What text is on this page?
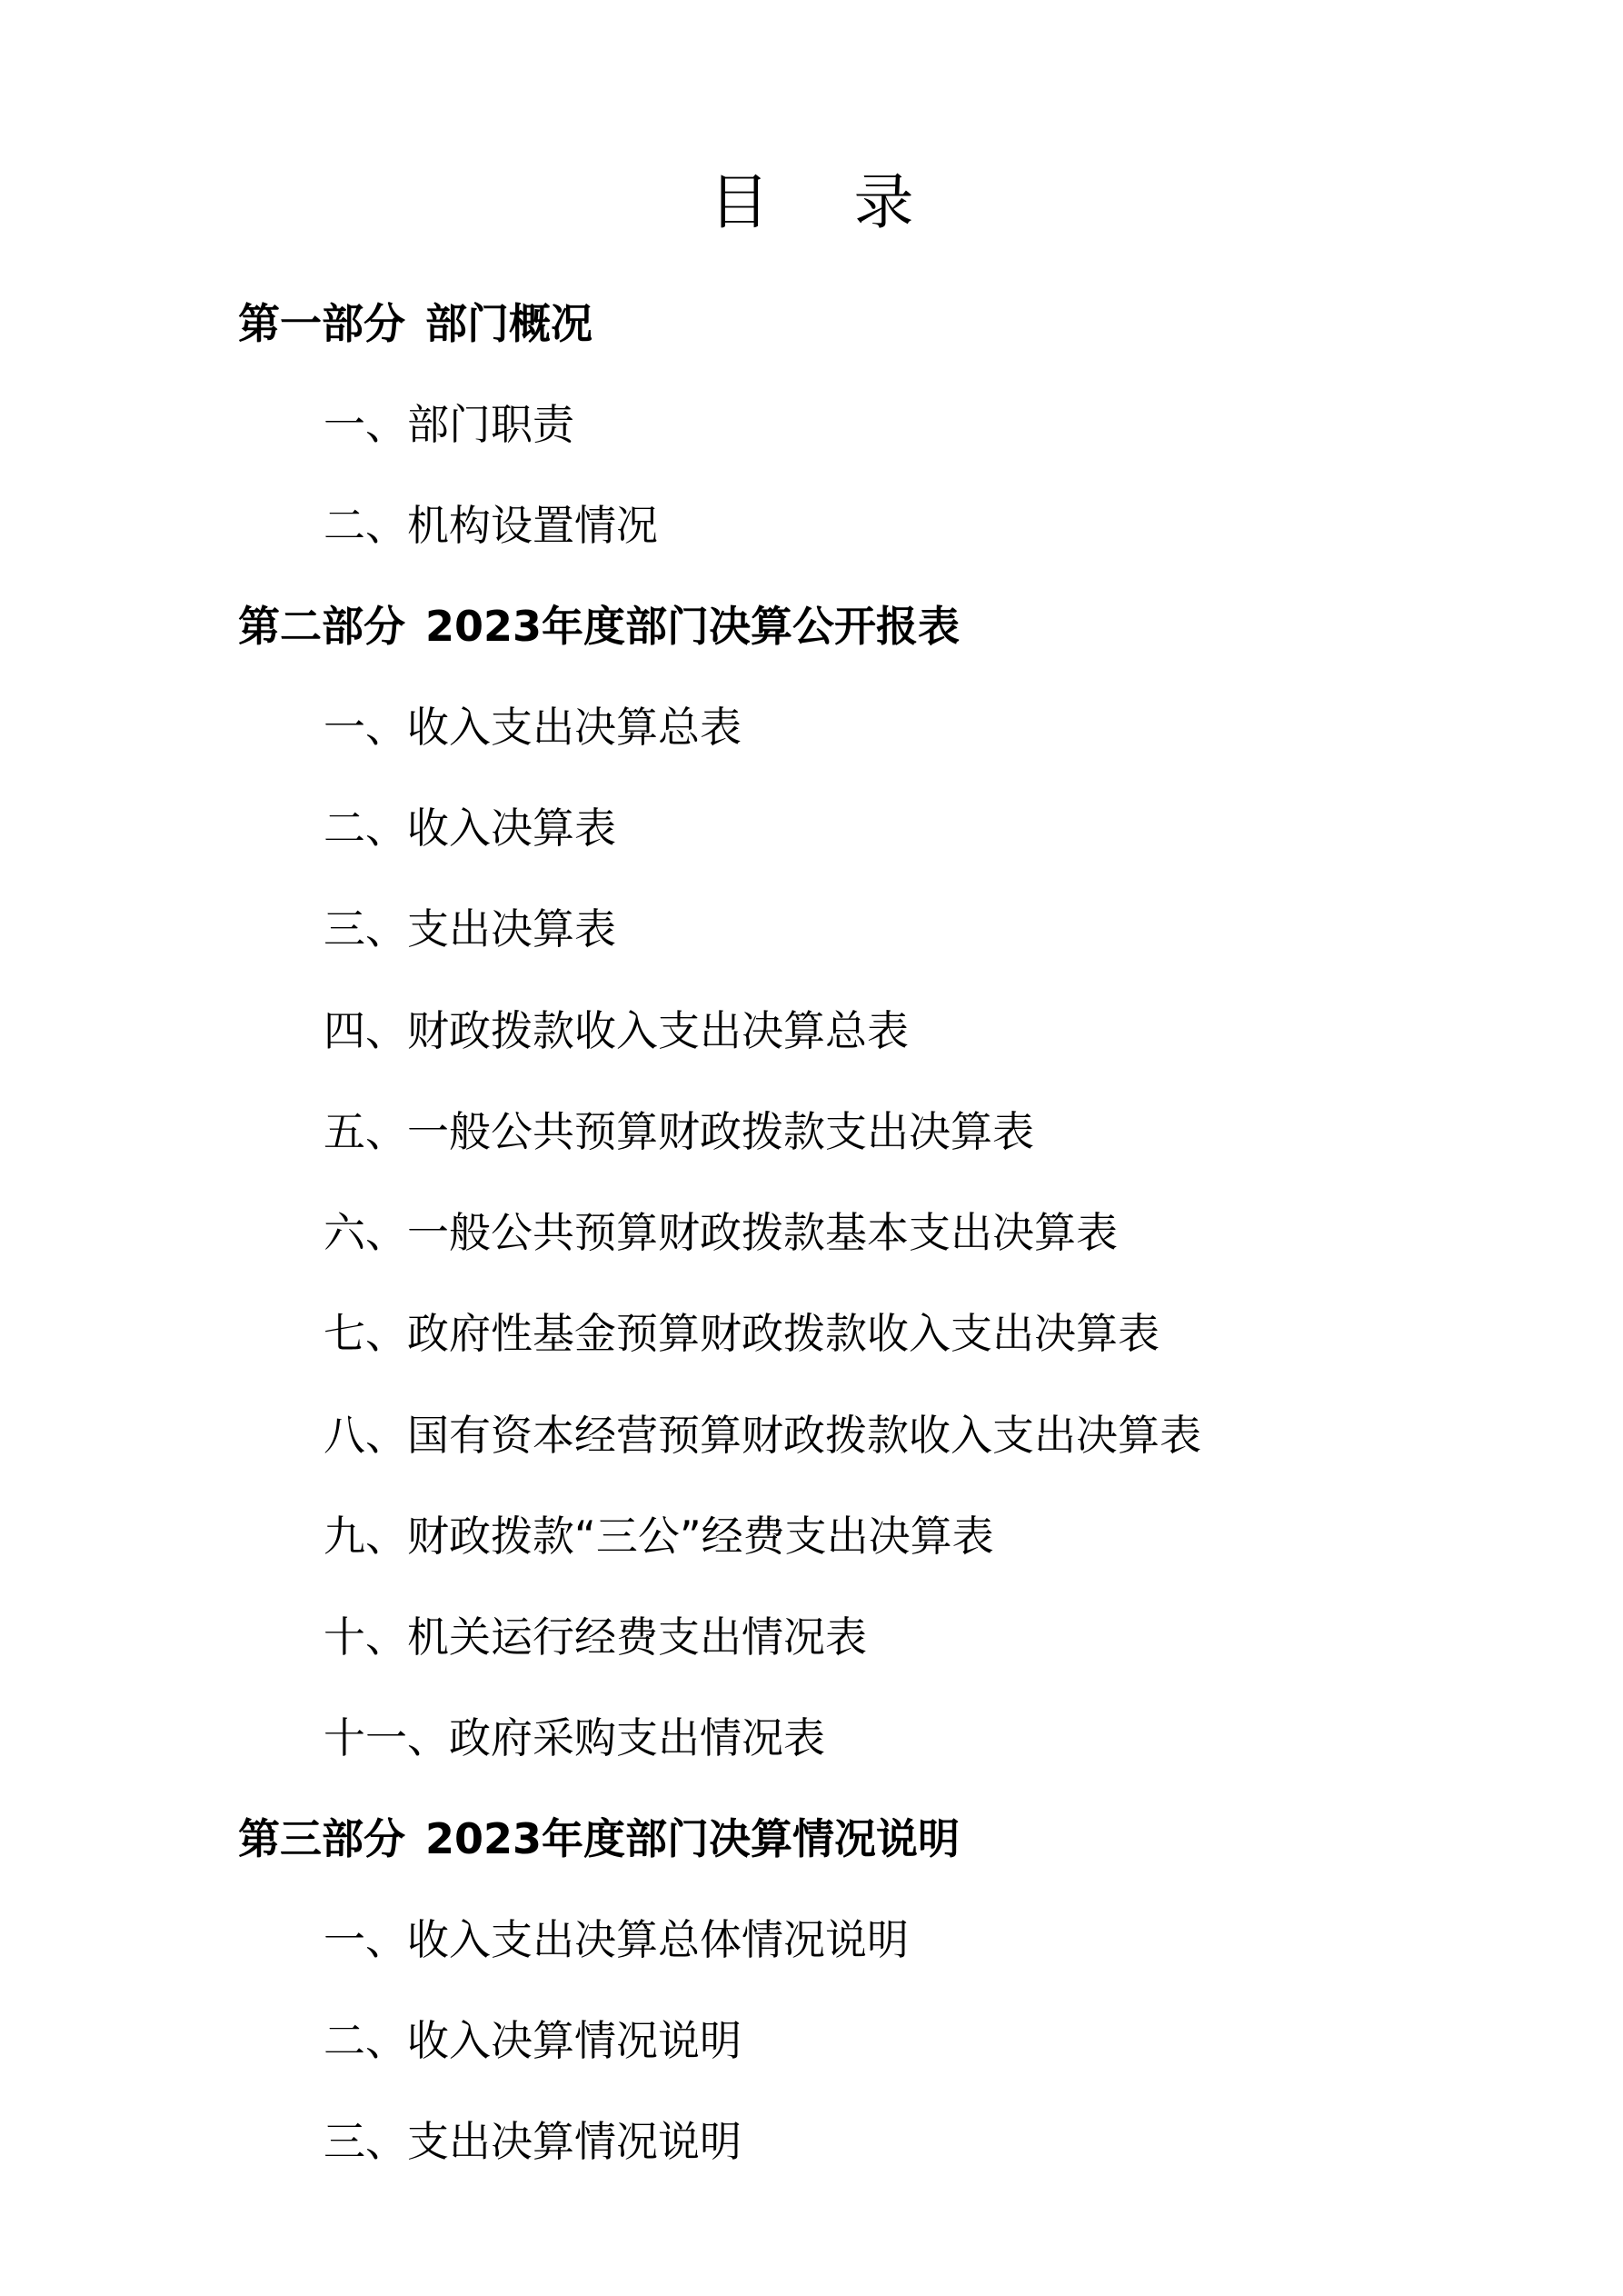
目 录
第一部分 部门概况
一、部门职责
二、机构设置情况
第二部分 2023年度部门决算公开报表
一、收入支出决算总表
二、收入决算表
三、支出决算表
四、财政拨款收入支出决算总表
五、一般公共预算财政拨款支出决算表
六、一般公共预算财政拨款基本支出决算表
七、政府性基金预算财政拨款收入支出决算表
八、国有资本经营预算财政拨款收入支出决算表
九、财政拨款“三公”经费支出决算表
十、机关运行经费支出情况表
十一、政府采购支出情况表
第三部分 2023年度部门决算情况说明
一、收入支出决算总体情况说明
二、收入决算情况说明
三、支出决算情况说明
